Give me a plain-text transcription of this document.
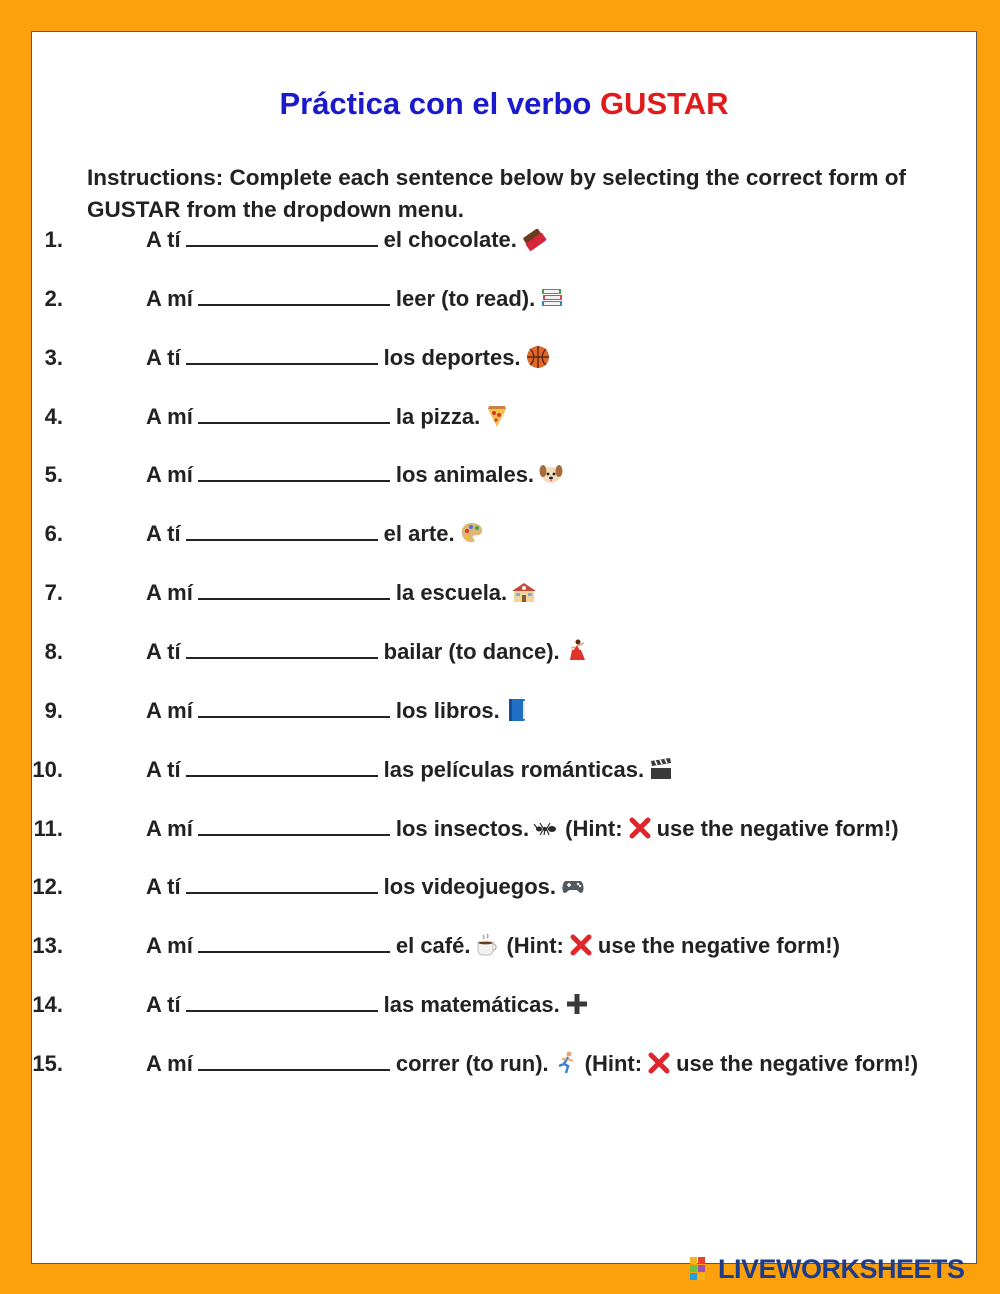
Práctica con el verbo GUSTAR

Instructions: Complete each sentence below by selecting the correct form of GUSTAR from the dropdown menu.

1.	A tí	el chocolate.
2.	A mí	leer (to read).
3.	A tí	los deportes.
4.	A mí	la pizza.
5.	A mí	los animales.
6.	A tí	el arte.
7.	A mí	la escuela.
8.	A tí	bailar (to dance).
9.	A mí	los libros.
10.	A tí	las películas románticas.
11.	A mí	los insectos. (Hint: use the negative form!)
12.	A tí	los videojuegos.
13.	A mí	el café. (Hint: use the negative form!)
14.	A tí	las matemáticas.
15.	A mí	correr (to run). (Hint: use the negative form!)
LIVEWORKSHEETS
